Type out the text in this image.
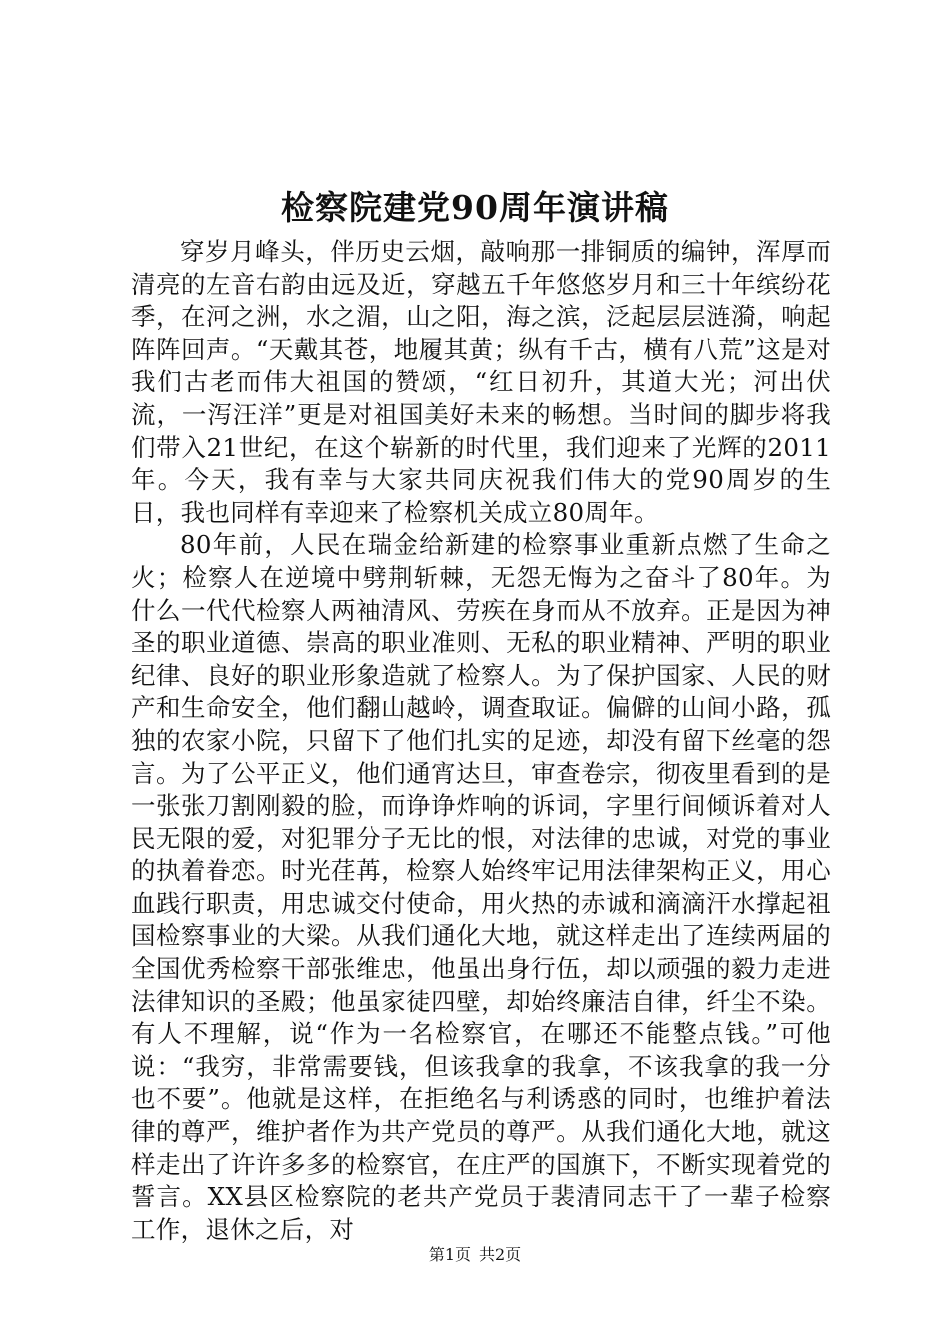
检察院建党90周年演讲稿

穿岁月峰头，伴历史云烟，敲响那一排铜质的编钟，浑厚而清亮的左音右韵由远及近，穿越五千年悠悠岁月和三十年缤纷花季，在河之洲，水之湄，山之阳，海之滨，泛起层层涟漪，响起阵阵回声。“天戴其苍，地履其黄；纵有千古，横有八荒”这是对我们古老而伟大祖国的赞颂，“红日初升，其道大光；河出伏流，一泻汪洋”更是对祖国美好未来的畅想。当时间的脚步将我们带入21世纪，在这个崭新的时代里，我们迎来了光辉的2011年。今天，我有幸与大家共同庆祝我们伟大的党90周岁的生日，我也同样有幸迎来了检察机关成立80周年。

80年前，人民在瑞金给新建的检察事业重新点燃了生命之火；检察人在逆境中劈荆斩棘，无怨无悔为之奋斗了80年。为什么一代代检察人两袖清风、劳疾在身而从不放弃。正是因为神圣的职业道德、崇高的职业准则、无私的职业精神、严明的职业纪律、良好的职业形象造就了检察人。为了保护国家、人民的财产和生命安全，他们翻山越岭，调查取证。偏僻的山间小路，孤独的农家小院，只留下了他们扎实的足迹，却没有留下丝毫的怨言。为了公平正义，他们通宵达旦，审查卷宗，彻夜里看到的是一张张刀割刚毅的脸，而诤诤炸响的诉词，字里行间倾诉着对人民无限的爱，对犯罪分子无比的恨，对法律的忠诚，对党的事业的执着眷恋。时光荏苒，检察人始终牢记用法律架构正义，用心血践行职责，用忠诚交付使命，用火热的赤诚和滴滴汗水撑起祖国检察事业的大梁。从我们通化大地，就这样走出了连续两届的全国优秀检察干部张维忠，他虽出身行伍，却以顽强的毅力走进法律知识的圣殿；他虽家徒四壁，却始终廉洁自律，纤尘不染。有人不理解，说“作为一名检察官，在哪还不能整点钱。”可他说：“我穷，非常需要钱，但该我拿的我拿，不该我拿的我一分也不要”。他就是这样，在拒绝名与利诱惑的同时，也维护着法律的尊严，维护者作为共产党员的尊严。从我们通化大地，就这样走出了许许多多的检察官，在庄严的国旗下，不断实现着党的誓言。XX县区检察院的老共产党员于裴清同志干了一辈子检察工作，退休之后，对

第1页 共2页
